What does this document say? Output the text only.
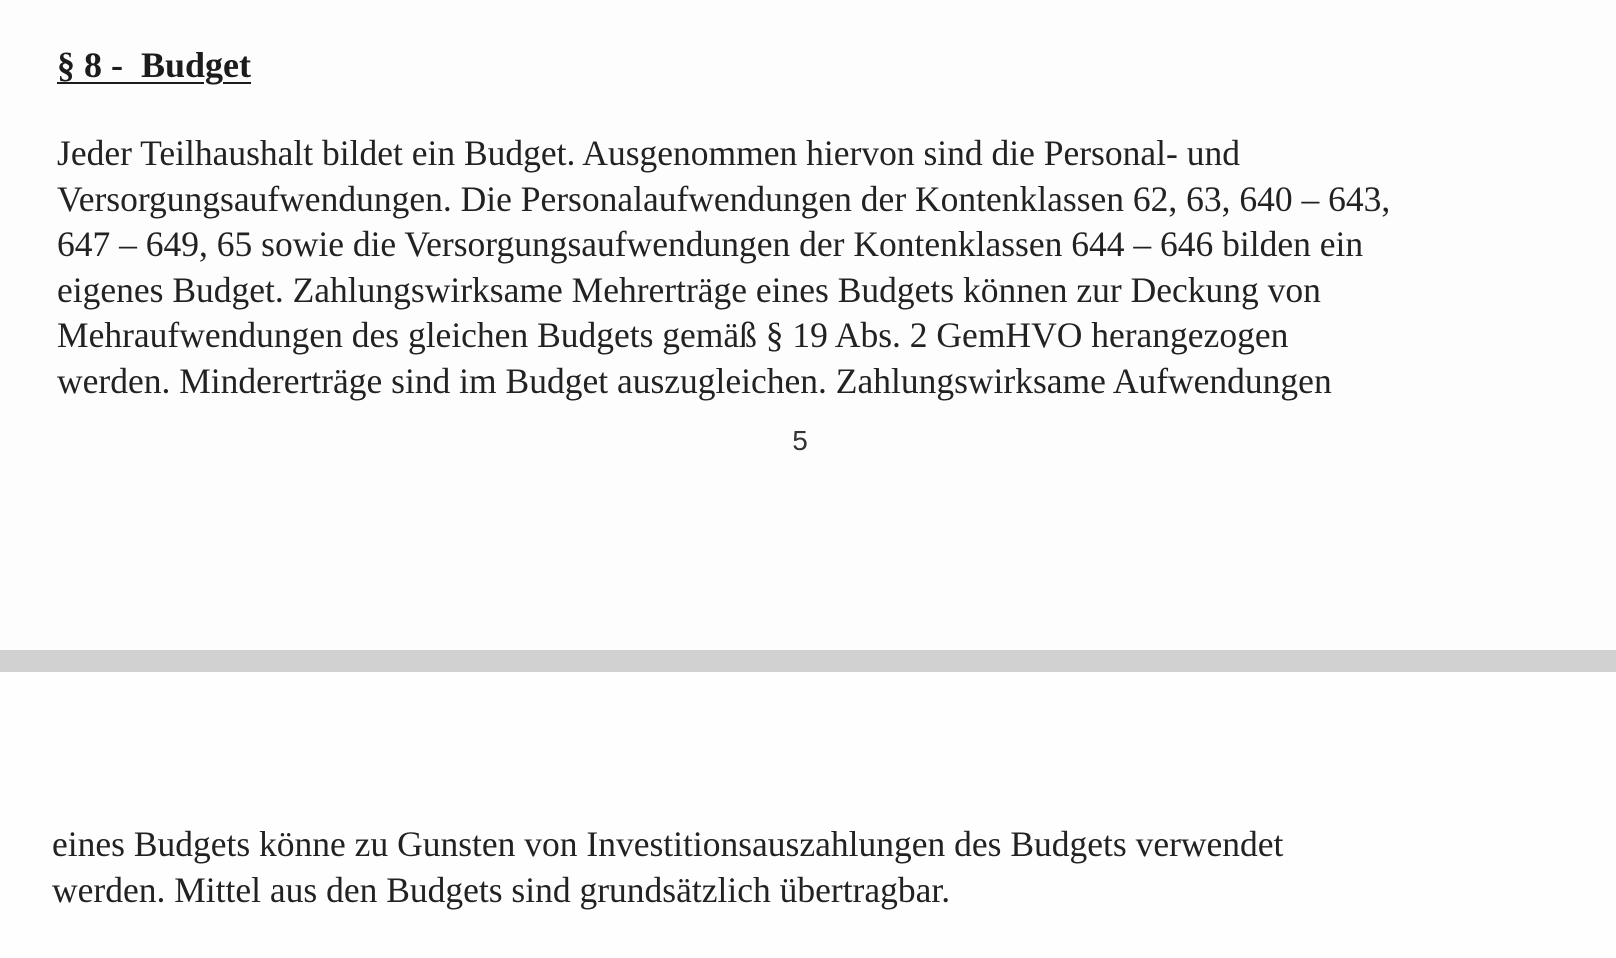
§ 8 -  Budget
Jeder Teilhaushalt bildet ein Budget. Ausgenommen hiervon sind die Personal- und
Versorgungsaufwendungen. Die Personalaufwendungen der Kontenklassen 62, 63, 640 – 643,
647 – 649, 65 sowie die Versorgungsaufwendungen der Kontenklassen 644 – 646 bilden ein
eigenes Budget. Zahlungswirksame Mehrerträge eines Budgets können zur Deckung von
Mehraufwendungen des gleichen Budgets gemäß § 19 Abs. 2 GemHVO herangezogen
werden. Mindererträge sind im Budget auszugleichen. Zahlungswirksame Aufwendungen
5
eines Budgets könne zu Gunsten von Investitionsauszahlungen des Budgets verwendet
werden. Mittel aus den Budgets sind grundsätzlich übertragbar.
